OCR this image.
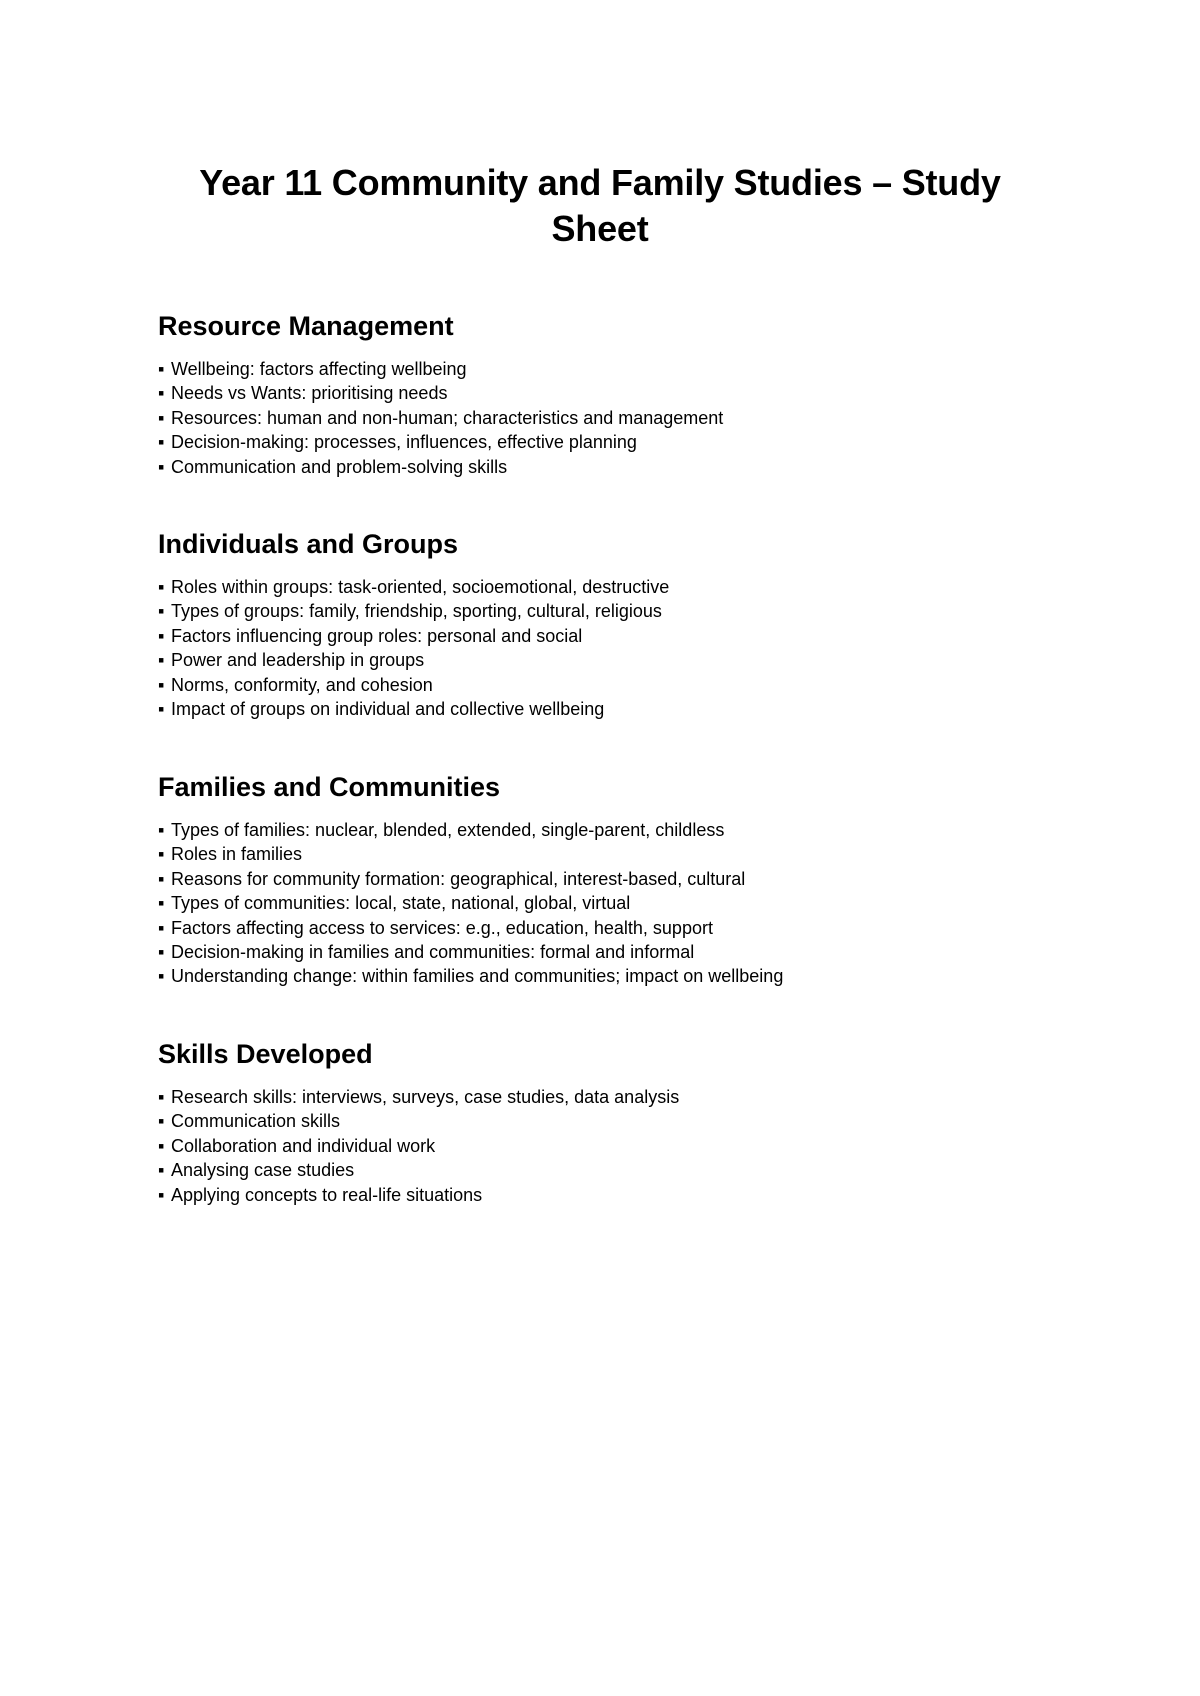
Year 11 Community and Family Studies – Study Sheet
Resource Management
▪ Wellbeing: factors affecting wellbeing
▪ Needs vs Wants: prioritising needs
▪ Resources: human and non-human; characteristics and management
▪ Decision-making: processes, influences, effective planning
▪ Communication and problem-solving skills
Individuals and Groups
▪ Roles within groups: task-oriented, socioemotional, destructive
▪ Types of groups: family, friendship, sporting, cultural, religious
▪ Factors influencing group roles: personal and social
▪ Power and leadership in groups
▪ Norms, conformity, and cohesion
▪ Impact of groups on individual and collective wellbeing
Families and Communities
▪ Types of families: nuclear, blended, extended, single-parent, childless
▪ Roles in families
▪ Reasons for community formation: geographical, interest-based, cultural
▪ Types of communities: local, state, national, global, virtual
▪ Factors affecting access to services: e.g., education, health, support
▪ Decision-making in families and communities: formal and informal
▪ Understanding change: within families and communities; impact on wellbeing
Skills Developed
▪ Research skills: interviews, surveys, case studies, data analysis
▪ Communication skills
▪ Collaboration and individual work
▪ Analysing case studies
▪ Applying concepts to real-life situations
